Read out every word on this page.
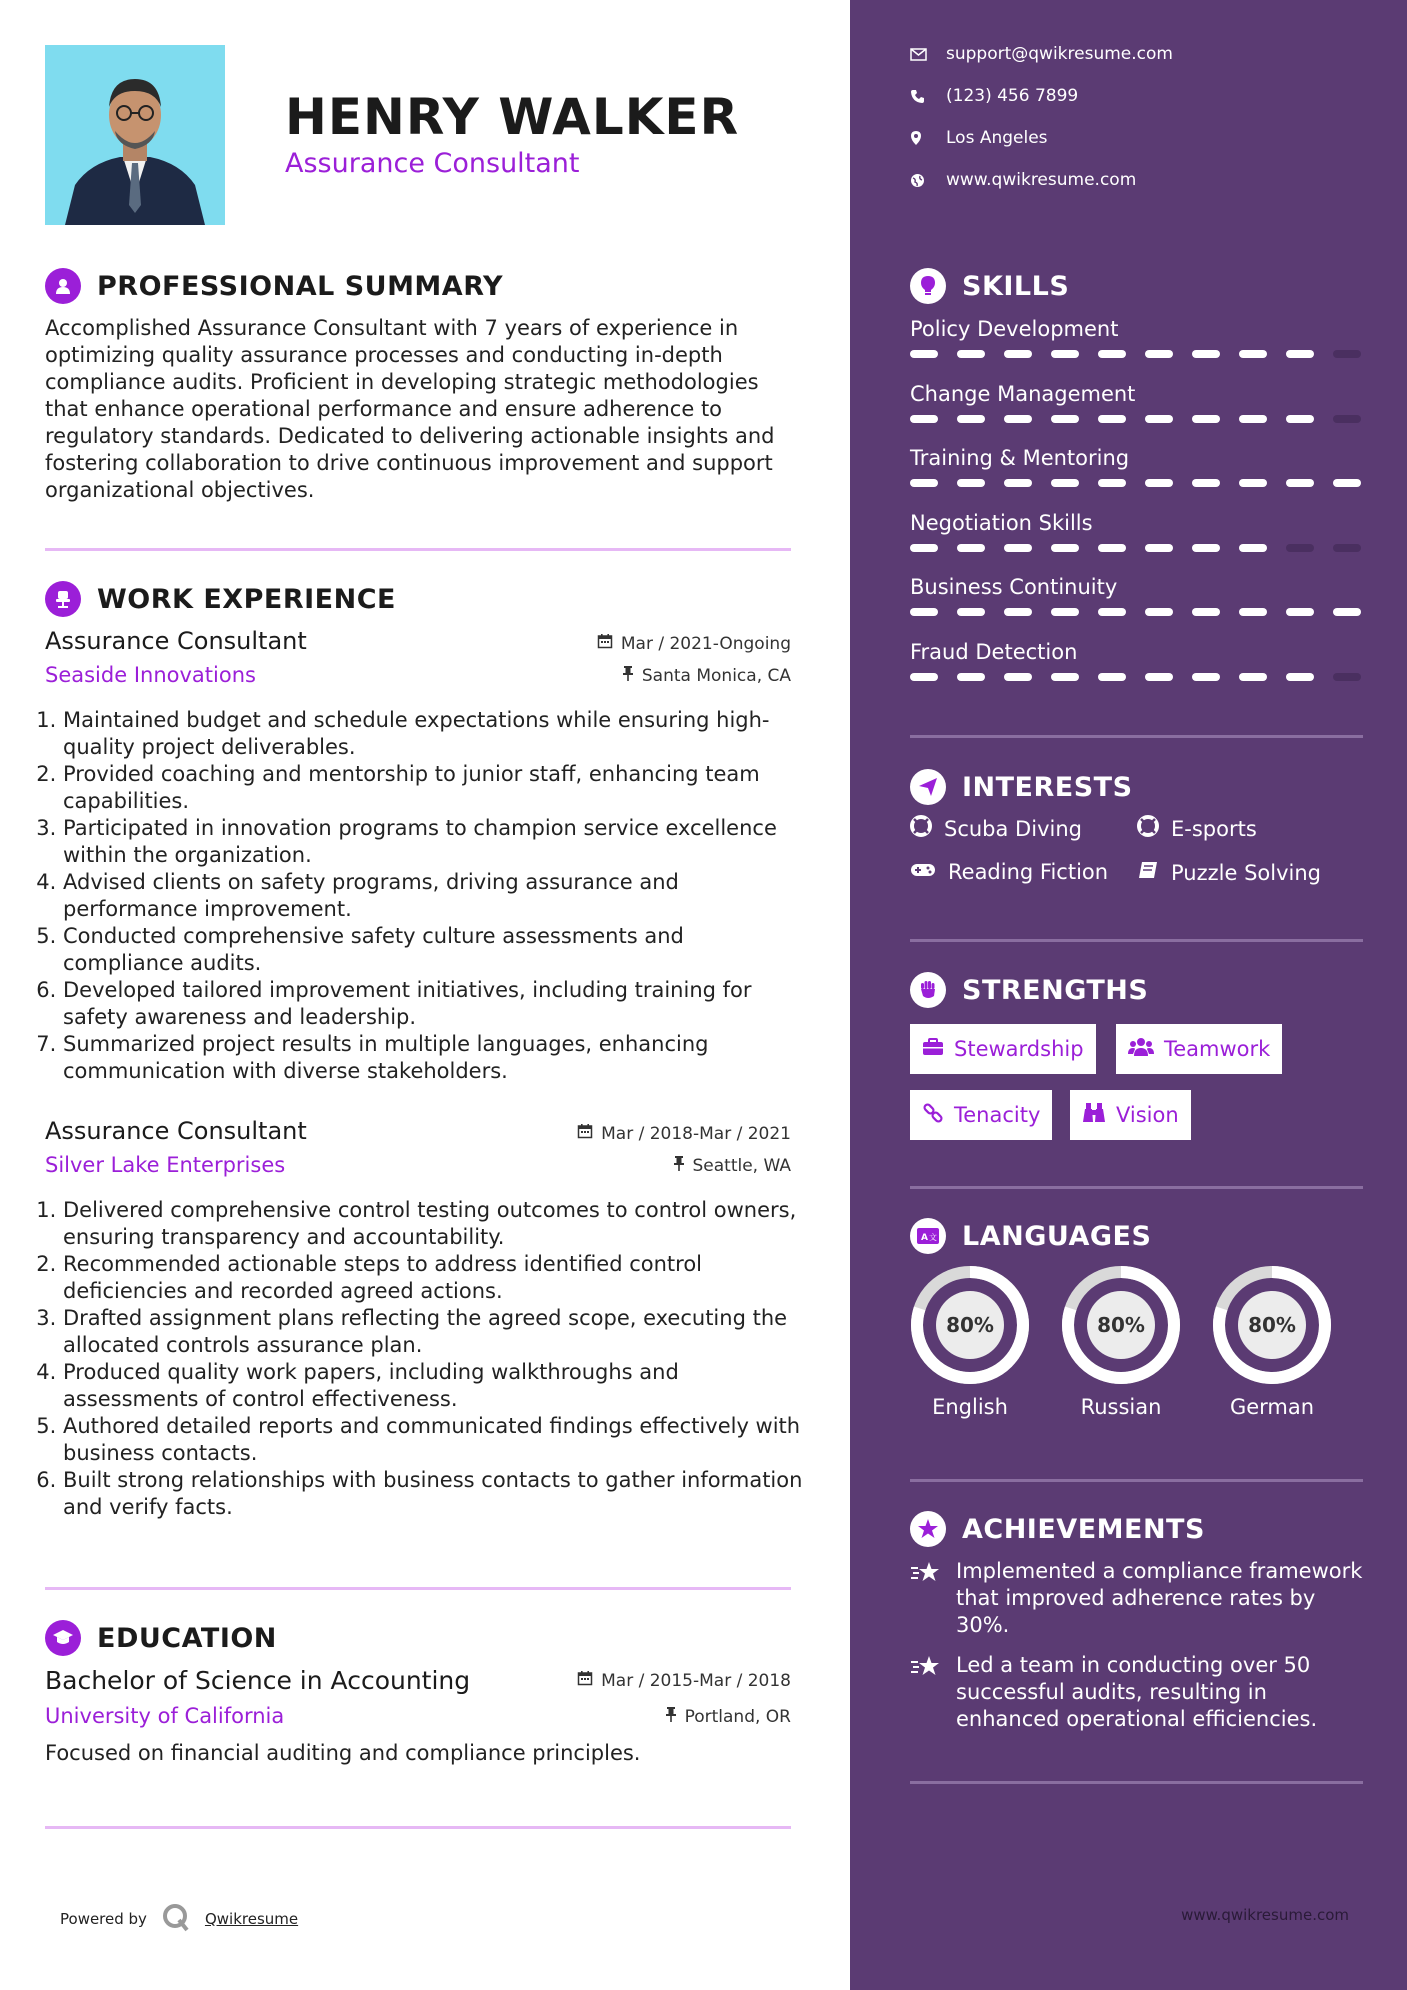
HENRY WALKER
Assurance Consultant
PROFESSIONAL SUMMARY
Accomplished Assurance Consultant with 7 years of experience in optimizing quality assurance processes and conducting in-depth compliance audits. Proficient in developing strategic methodologies that enhance operational performance and ensure adherence to regulatory standards. Dedicated to delivering actionable insights and fostering collaboration to drive continuous improvement and support organizational objectives.
WORK EXPERIENCE
Assurance Consultant
Seaside Innovations
Mar / 2021-Ongoing
Santa Monica, CA
1. Maintained budget and schedule expectations while ensuring high-quality project deliverables.
2. Provided coaching and mentorship to junior staff, enhancing team capabilities.
3. Participated in innovation programs to champion service excellence within the organization.
4. Advised clients on safety programs, driving assurance and performance improvement.
5. Conducted comprehensive safety culture assessments and compliance audits.
6. Developed tailored improvement initiatives, including training for safety awareness and leadership.
7. Summarized project results in multiple languages, enhancing communication with diverse stakeholders.
Assurance Consultant
Silver Lake Enterprises
Mar / 2018-Mar / 2021
Seattle, WA
1. Delivered comprehensive control testing outcomes to control owners, ensuring transparency and accountability.
2. Recommended actionable steps to address identified control deficiencies and recorded agreed actions.
3. Drafted assignment plans reflecting the agreed scope, executing the allocated controls assurance plan.
4. Produced quality work papers, including walkthroughs and assessments of control effectiveness.
5. Authored detailed reports and communicated findings effectively with business contacts.
6. Built strong relationships with business contacts to gather information and verify facts.
EDUCATION
Bachelor of Science in Accounting
University of California
Mar / 2015-Mar / 2018
Portland, OR
Focused on financial auditing and compliance principles.
Powered by	Qwikresume
support@qwikresume.com
(123) 456 7899
Los Angeles
www.qwikresume.com
SKILLS
Policy Development
Change Management
Training & Mentoring
Negotiation Skills
Business Continuity
Fraud Detection
INTERESTS
Scuba Diving	E-sports
Reading Fiction	Puzzle Solving
STRENGTHS
Stewardship	Teamwork
Tenacity	Vision
A 文 LANGUAGES
80%
English
80%
Russian
80%
German
ACHIEVEMENTS
Implemented a compliance framework that improved adherence rates by 30%.
Led a team in conducting over 50 successful audits, resulting in enhanced operational efficiencies.
www.qwikresume.com
